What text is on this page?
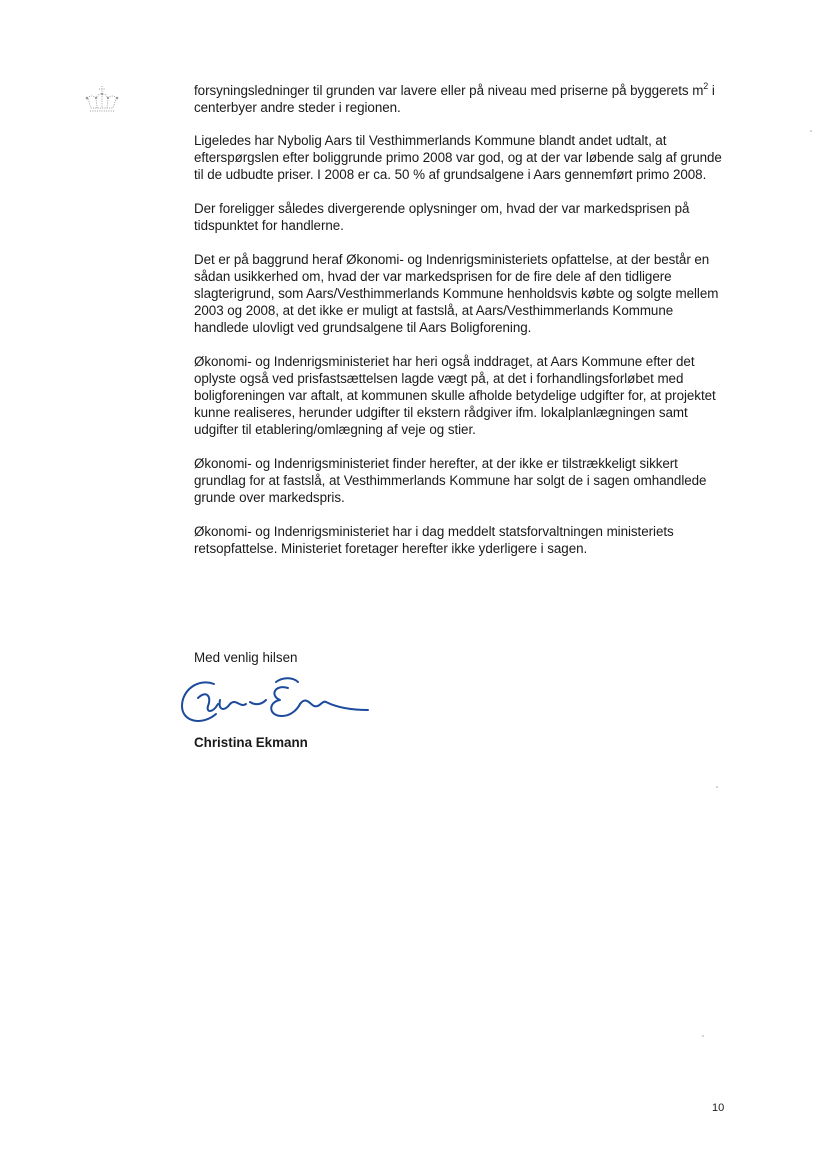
forsyningsledninger til grunden var lavere eller på niveau med priserne på byggerets $m^2$ i centerbyer andre steder i regionen.

Ligeledes har Nybolig Aars til Vesthimmerlands Kommune blandt andet udtalt, at efterspørgslen efter boliggrunde primo 2008 var god, og at der var løbende salg af grunde til de udbudte priser. I 2008 er ca. 50 % af grundsalgene i Aars gennemført primo 2008.

Der foreligger således divergerende oplysninger om, hvad der var markedsprisen på tidspunktet for handlerne.

Det er på baggrund heraf Økonomi- og Indenrigsministeriets opfattelse, at der består en sådan usikkerhed om, hvad der var markedsprisen for de fire dele af den tidligere slagterigrund, som Aars/Vesthimmerlands Kommune henholdsvis købte og solgte mellem 2003 og 2008, at det ikke er muligt at fastslå, at Aars/Vesthimmerlands Kommune handlede ulovligt ved grundsalgene til Aars Boligforening.

Økonomi- og Indenrigsministeriet har heri også inddraget, at Aars Kommune efter det oplyste også ved prisfastsættelsen lagde vægt på, at det i forhandlingsforløbet med boligforeningen var aftalt, at kommunen skulle afholde betydelige udgifter for, at projektet kunne realiseres, herunder udgifter til ekstern rådgiver ifm. lokalplanlægningen samt udgifter til etablering/omlægning af veje og stier.

Økonomi- og Indenrigsministeriet finder herefter, at der ikke er tilstrækkeligt sikkert grundlag for at fastslå, at Vesthimmerlands Kommune har solgt de i sagen omhandlede grunde over markedspris.

Økonomi- og Indenrigsministeriet har i dag meddelt statsforvaltningen ministeriets retsopfattelse. Ministeriet foretager herefter ikke yderligere i sagen.

Med venlig hilsen
Christina Ekmann
10
